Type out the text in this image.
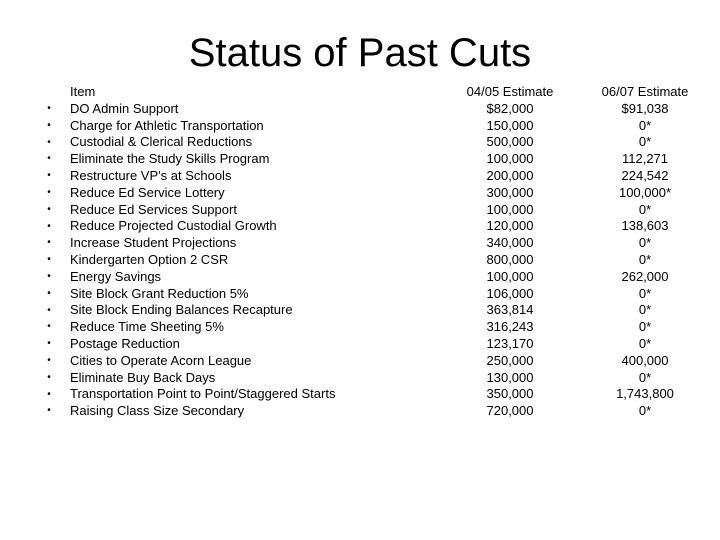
Status of Past Cuts
•
•
•
•
•
•
•
•
•
•
•
•
•
•
•
•
•
•
•
Item
DO Admin Support
Charge for Athletic Transportation
Custodial & Clerical Reductions
Eliminate the Study Skills Program
Restructure VP's at Schools
Reduce Ed Service Lottery
Reduce Ed Services Support
Reduce Projected Custodial Growth
Increase Student Projections
Kindergarten Option 2 CSR
Energy Savings
Site Block Grant Reduction 5%
Site Block Ending Balances Recapture
Reduce Time Sheeting 5%
Postage Reduction
Cities to Operate Acorn League
Eliminate Buy Back Days
Transportation Point to Point/Staggered Starts
Raising Class Size Secondary
04/05 Estimate
$82,000
150,000
500,000
100,000
200,000
300,000
100,000
120,000
340,000
800,000
100,000
106,000
363,814
316,243
123,170
250,000
130,000
350,000
720,000
06/07 Estimate
$91,038
0*
0*
112,271
224,542
100,000*
0*
138,603
0*
0*
262,000
0*
0*
0*
0*
400,000
0*
1,743,800
0*
